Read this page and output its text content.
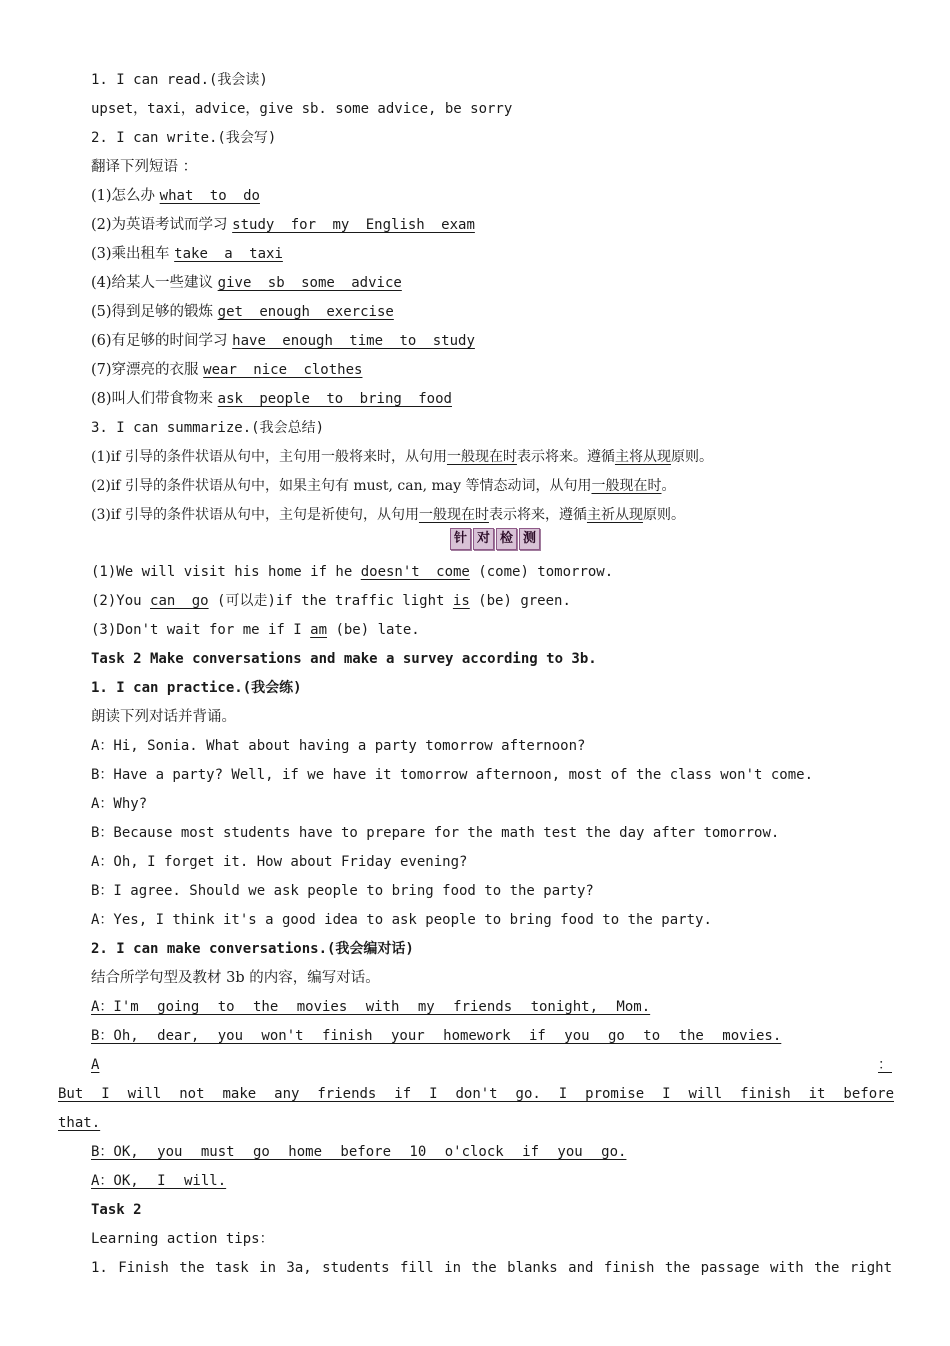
1. I can read.(我会读)
upset，taxi，advice，give sb. some advice, be sorry
2. I can write.(我会写)
翻译下列短语 ：
(1)怎么办 what to do
(2)为英语考试而学习 study for my English exam
(3)乘出租车 take a taxi
(4)给某人一些建议 give sb some advice
(5)得到足够的锻炼 get enough exercise
(6)有足够的时间学习 have enough time to study
(7)穿漂亮的衣服 wear nice clothes
(8)叫人们带食物来 ask people to bring food
3. I can summarize.(我会总结)
(1)if 引导的条件状语从句中，主句用一般将来时，从句用一般现在时表示将来。遵循主将从现原则。
(2)if 引导的条件状语从句中，如果主句有 must, can, may 等情态动词，从句用一般现在时。
(3)if 引导的条件状语从句中，主句是祈使句，从句用一般现在时表示将来，遵循主祈从现原则。
针 对 检 测
(1)We will visit his home if he doesn't come (come) tomorrow.
(2)You can go (可以走)if the traffic light is (be) green.
(3)Don't wait for me if I am (be) late.
Task 2 Make conversations and make a survey according to 3b.
1. I can practice.(我会练)
朗读下列对话并背诵。
A：Hi, Sonia. What about having a party tomorrow afternoon?
B：Have a party? Well, if we have it tomorrow afternoon, most of the class won't come.
A：Why?
B：Because most students have to prepare for the math test the day after tomorrow.
A：Oh, I forget it. How about Friday evening?
B：I agree. Should we ask people to bring food to the party?
A：Yes, I think it's a good idea to ask people to bring food to the party.
2. I can make conversations.(我会编对话)
结合所学句型及教材 3b 的内容，编写对话。
A：I'm going to the movies with my friends tonight, Mom.
B：Oh, dear, you won't finish your homework if you go to the movies.
A	：
But I will not make any friends if I don't go. I promise I will finish it before
that.
B：OK, you must go home before 10 o'clock if you go.
A：OK, I will.
Task 2
Learning action tips：
1. Finish the task in 3a, students fill in the blanks and finish the passage with the right
